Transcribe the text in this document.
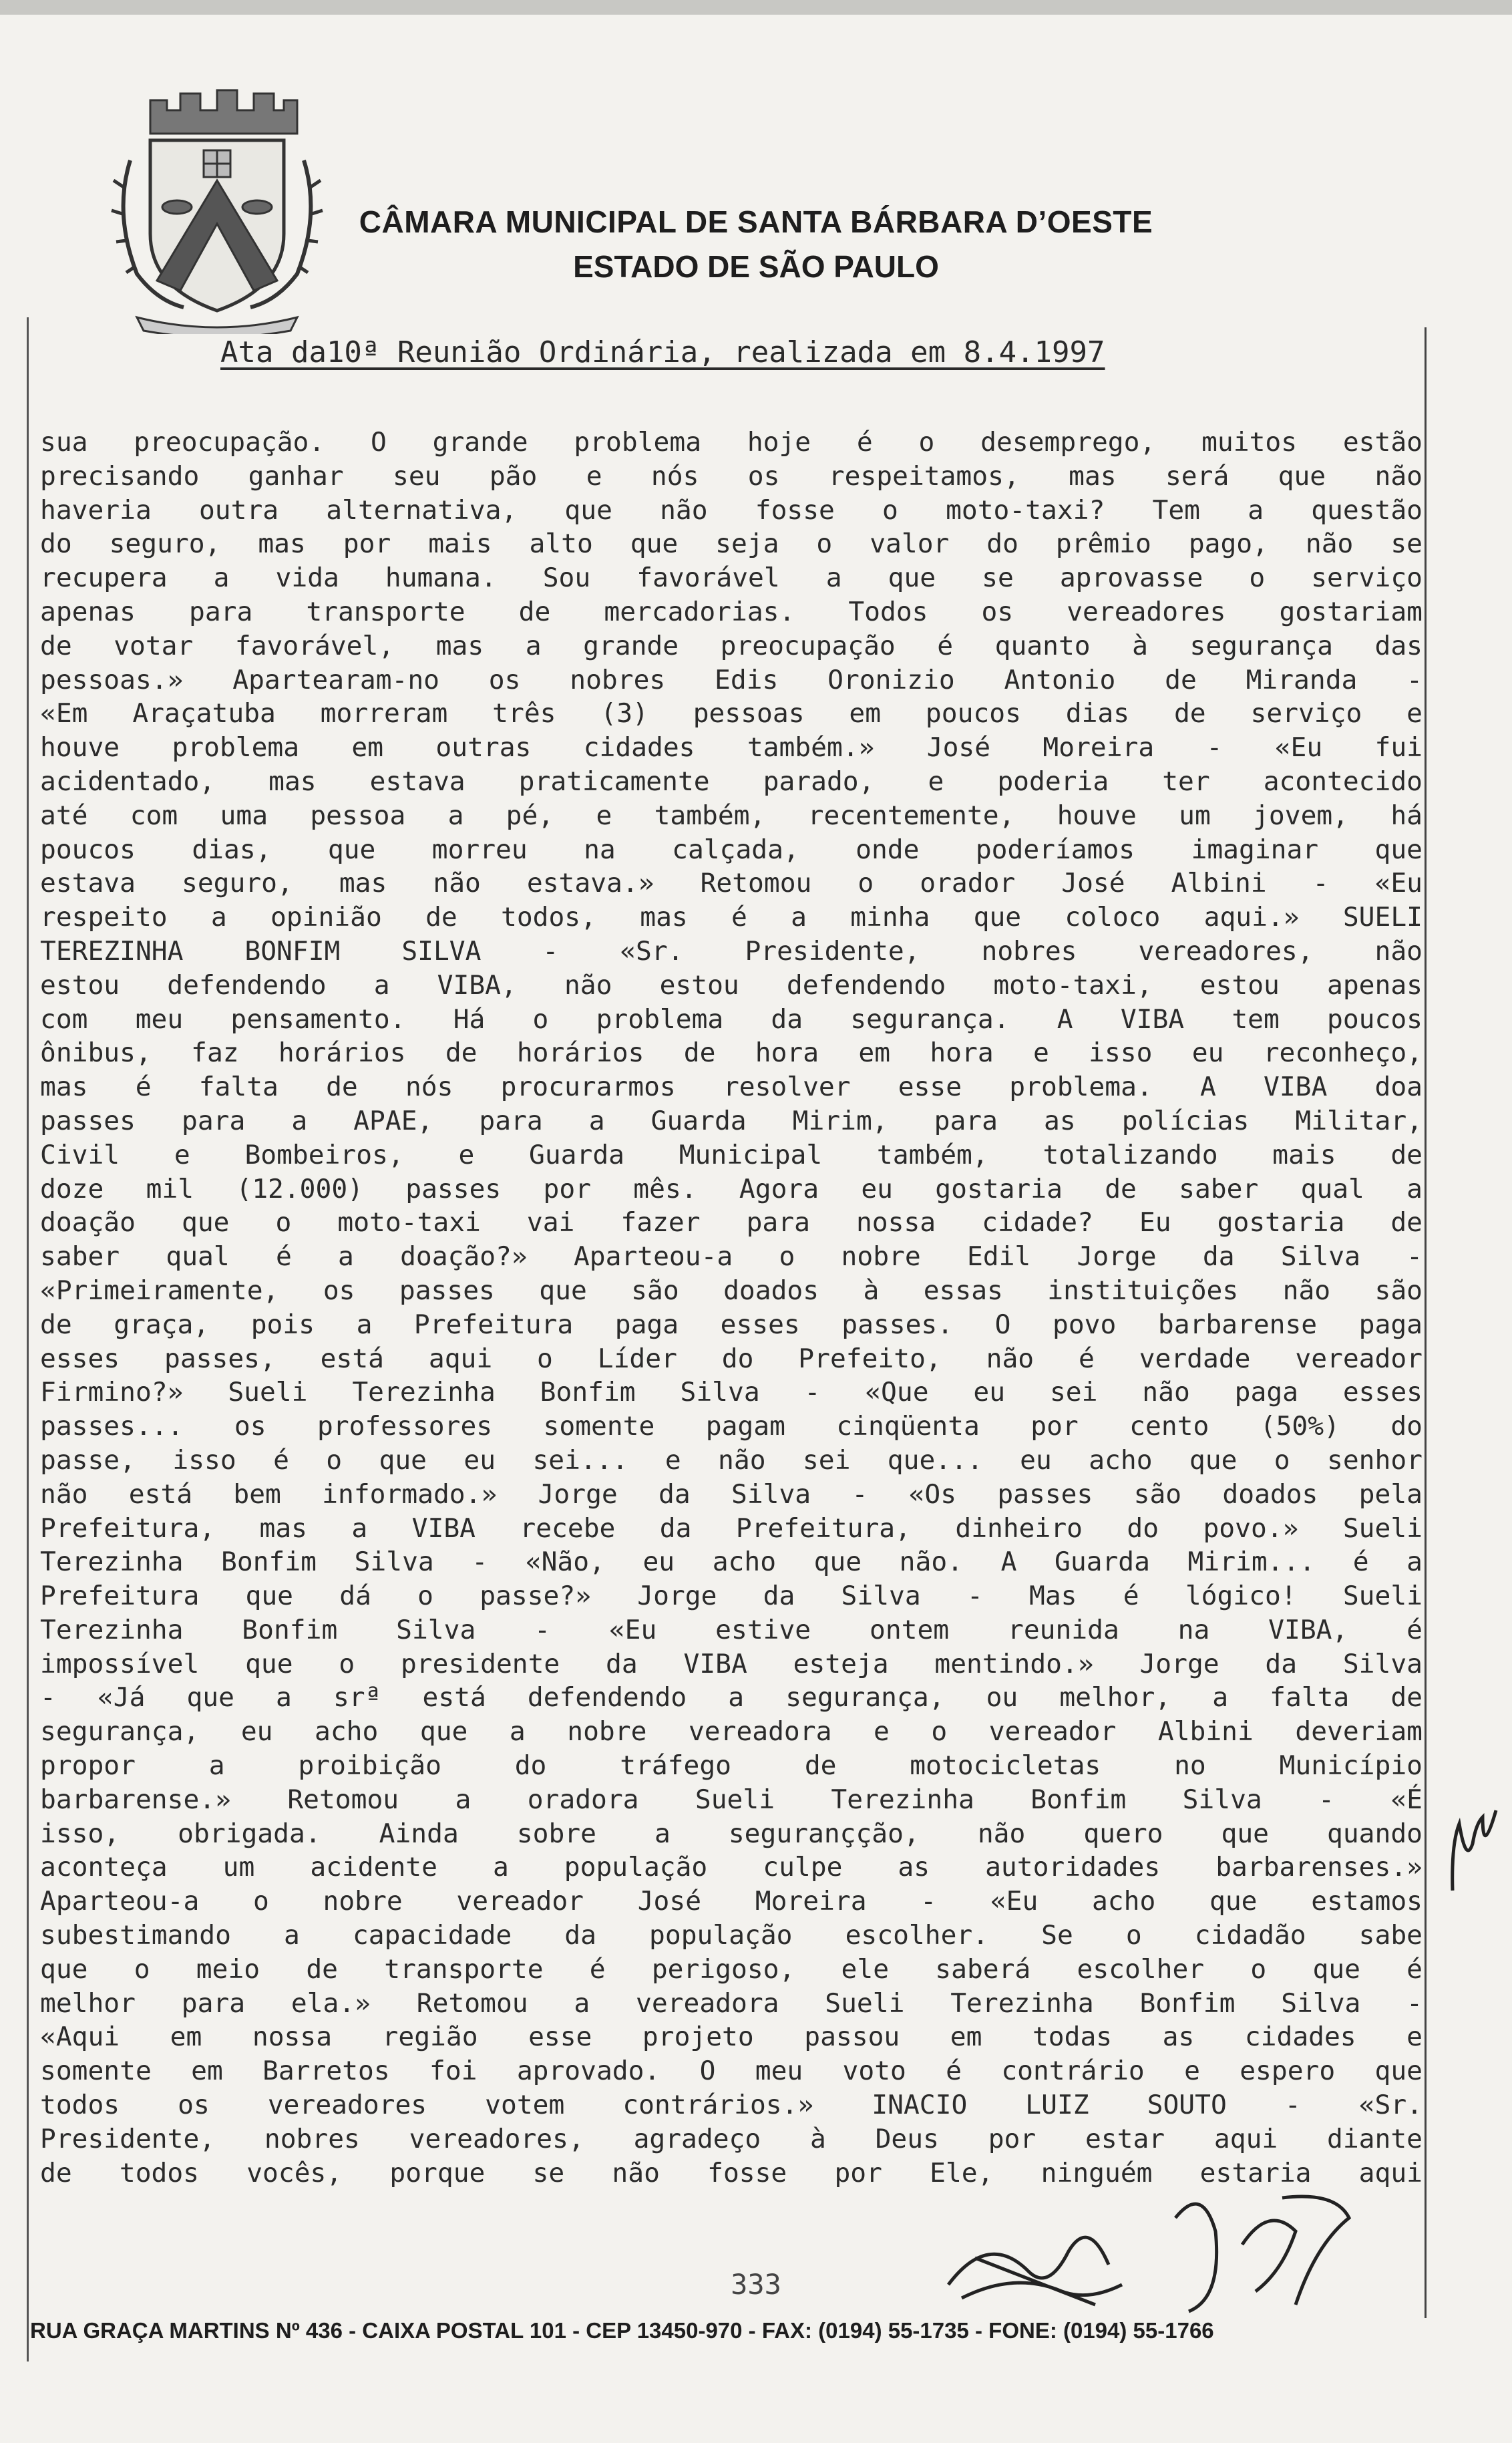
CÂMARA MUNICIPAL DE SANTA BÁRBARA D’OESTE
ESTADO DE SÃO PAULO
Ata da10ª Reunião Ordinária, realizada em 8.4.1997
sua preocupação. O grande problema hoje é o desemprego, muitos estão
precisando ganhar seu pão e nós os respeitamos, mas será que não
haveria outra alternativa, que não fosse o moto-taxi? Tem a questão
do seguro, mas por mais alto que seja o valor do prêmio pago, não se
recupera a vida humana. Sou favorável a que se aprovasse o serviço
apenas para transporte de mercadorias. Todos os vereadores gostariam
de votar favorável, mas a grande preocupação é quanto à segurança das
pessoas.» Apartearam-no os nobres Edis Oronizio Antonio de Miranda -
«Em Araçatuba morreram três (3) pessoas em poucos dias de serviço e
houve problema em outras cidades também.» José Moreira - «Eu fui
acidentado, mas estava praticamente parado, e poderia ter acontecido
até com uma pessoa a pé, e também, recentemente, houve um jovem, há
poucos dias, que morreu na calçada, onde poderíamos imaginar que
estava seguro, mas não estava.» Retomou o orador José Albini - «Eu
respeito a opinião de todos, mas é a minha que coloco aqui.» SUELI
TEREZINHA BONFIM SILVA - «Sr. Presidente, nobres vereadores, não
estou defendendo a VIBA, não estou defendendo moto-taxi, estou apenas
com meu pensamento. Há o problema da segurança. A VIBA tem poucos
ônibus, faz horários de horários de hora em hora e isso eu reconheço,
mas é falta de nós procurarmos resolver esse problema. A VIBA doa
passes para a APAE, para a Guarda Mirim, para as polícias Militar,
Civil e Bombeiros, e Guarda Municipal também, totalizando mais de
doze mil (12.000) passes por mês. Agora eu gostaria de saber qual a
doação que o moto-taxi vai fazer para nossa cidade? Eu gostaria de
saber qual é a doação?» Aparteou-a o nobre Edil Jorge da Silva -
«Primeiramente, os passes que são doados à essas instituições não são
de graça, pois a Prefeitura paga esses passes. O povo barbarense paga
esses passes, está aqui o Líder do Prefeito, não é verdade vereador
Firmino?» Sueli Terezinha Bonfim Silva - «Que eu sei não paga esses
passes... os professores somente pagam cinqüenta por cento (50%) do
passe, isso é o que eu sei... e não sei que... eu acho que o senhor
não está bem informado.» Jorge da Silva - «Os passes são doados pela
Prefeitura, mas a VIBA recebe da Prefeitura, dinheiro do povo.» Sueli
Terezinha Bonfim Silva - «Não, eu acho que não. A Guarda Mirim... é a
Prefeitura que dá o passe?» Jorge da Silva - Mas é lógico! Sueli
Terezinha Bonfim Silva - «Eu estive ontem reunida na VIBA, é
impossível que o presidente da VIBA esteja mentindo.» Jorge da Silva
- «Já que a srª está defendendo a segurança, ou melhor, a falta de
segurança, eu acho que a nobre vereadora e o vereador Albini deveriam
propor a proibição do tráfego de motocicletas no Município
barbarense.» Retomou a oradora Sueli Terezinha Bonfim Silva - «É
isso, obrigada. Ainda sobre a segurançção, não quero que quando
aconteça um acidente a população culpe as autoridades barbarenses.»
Aparteou-a o nobre vereador José Moreira - «Eu acho que estamos
subestimando a capacidade da população escolher. Se o cidadão sabe
que o meio de transporte é perigoso, ele saberá escolher o que é
melhor para ela.» Retomou a vereadora Sueli Terezinha Bonfim Silva -
«Aqui em nossa região esse projeto passou em todas as cidades e
somente em Barretos foi aprovado. O meu voto é contrário e espero que
todos os vereadores votem contrários.» INACIO LUIZ SOUTO - «Sr.
Presidente, nobres vereadores, agradeço à Deus por estar aqui diante
de todos vocês, porque se não fosse por Ele, ninguém estaria aqui
333
RUA GRAÇA MARTINS Nº 436 - CAIXA POSTAL 101 - CEP 13450-970 - FAX: (0194) 55-1735 - FONE: (0194) 55-1766
